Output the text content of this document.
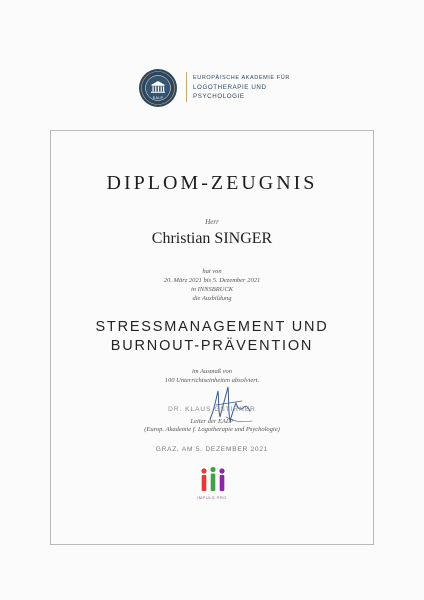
EALP
EUROPÄISCHE AKADEMIE FÜR
LOGOTHERAPIE UND
PSYCHOLOGIE
DIPLOM-ZEUGNIS
Herr
Christian SINGER
hat von
20. März 2021 bis 5. Dezember 2021
in INNSBRUCK
die Ausbildung
STRESSMANAGEMENT UND
BURNOUT-PRÄVENTION
im Ausmaß von
100 Unterrichtseinheiten absolviert.
DR. KLAUS GSTIRNER
Leiter der EALP
(Europ. Akademie f. Logotherapie und Psychologie)
GRAZ, AM 5. DEZEMBER 2021
IMPULS PRO
